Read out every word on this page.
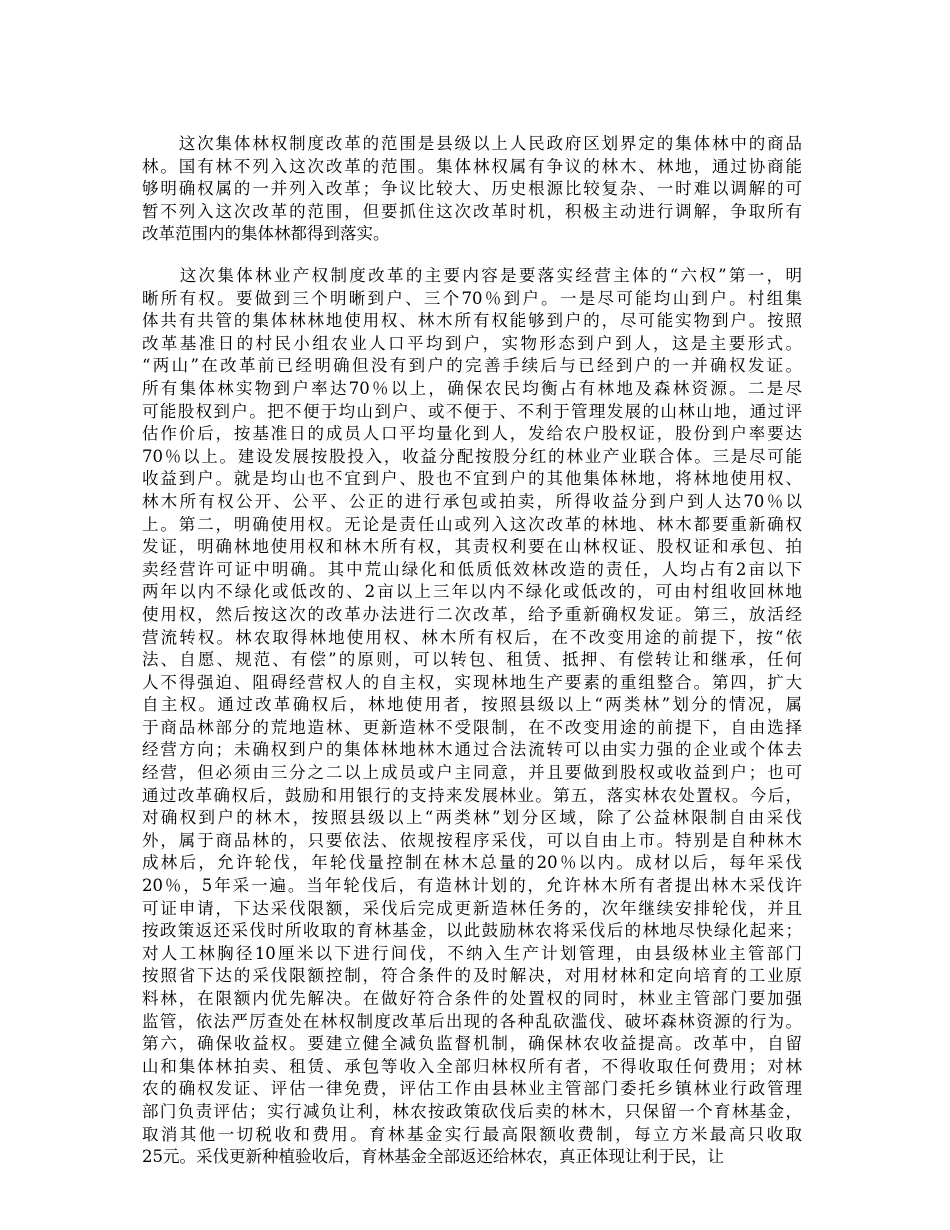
　　这次集体林权制度改革的范围是县级以上人民政府区划界定的集体林中的商品
林。国有林不列入这次改革的范围。集体林权属有争议的林木、林地，通过协商能
够明确权属的一并列入改革；争议比较大、历史根源比较复杂、一时难以调解的可
暂不列入这次改革的范围，但要抓住这次改革时机，积极主动进行调解，争取所有
改革范围内的集体林都得到落实。
　　这次集体林业产权制度改革的主要内容是要落实经营主体的“六权”第一，明
晰所有权。要做到三个明晰到户、三个70％到户。一是尽可能均山到户。村组集
体共有共管的集体林林地使用权、林木所有权能够到户的，尽可能实物到户。按照
改革基准日的村民小组农业人口平均到户，实物形态到户到人，这是主要形式。
“两山”在改革前已经明确但没有到户的完善手续后与已经到户的一并确权发证。
所有集体林实物到户率达70％以上，确保农民均衡占有林地及森林资源。二是尽
可能股权到户。把不便于均山到户、或不便于、不利于管理发展的山林山地，通过评
估作价后，按基准日的成员人口平均量化到人，发给农户股权证，股份到户率要达
70％以上。建设发展按股投入，收益分配按股分红的林业产业联合体。三是尽可能
收益到户。就是均山也不宜到户、股也不宜到户的其他集体林地，将林地使用权、
林木所有权公开、公平、公正的进行承包或拍卖，所得收益分到户到人达70％以
上。第二，明确使用权。无论是责任山或列入这次改革的林地、林木都要重新确权
发证，明确林地使用权和林木所有权，其责权利要在山林权证、股权证和承包、拍
卖经营许可证中明确。其中荒山绿化和低质低效林改造的责任，人均占有2亩以下
两年以内不绿化或低改的、2亩以上三年以内不绿化或低改的，可由村组收回林地
使用权，然后按这次的改革办法进行二次改革，给予重新确权发证。第三，放活经
营流转权。林农取得林地使用权、林木所有权后，在不改变用途的前提下，按“依
法、自愿、规范、有偿”的原则，可以转包、租赁、抵押、有偿转让和继承，任何
人不得强迫、阻碍经营权人的自主权，实现林地生产要素的重组整合。第四，扩大
自主权。通过改革确权后，林地使用者，按照县级以上“两类林”划分的情况，属
于商品林部分的荒地造林、更新造林不受限制，在不改变用途的前提下，自由选择
经营方向；未确权到户的集体林地林木通过合法流转可以由实力强的企业或个体去
经营，但必须由三分之二以上成员或户主同意，并且要做到股权或收益到户；也可
通过改革确权后，鼓励和用银行的支持来发展林业。第五，落实林农处置权。今后，
对确权到户的林木，按照县级以上“两类林”划分区域，除了公益林限制自由采伐
外，属于商品林的，只要依法、依规按程序采伐，可以自由上市。特别是自种林木
成林后，允许轮伐，年轮伐量控制在林木总量的20％以内。成材以后，每年采伐
20％，5年采一遍。当年轮伐后，有造林计划的，允许林木所有者提出林木采伐许
可证申请，下达采伐限额，采伐后完成更新造林任务的，次年继续安排轮伐，并且
按政策返还采伐时所收取的育林基金，以此鼓励林农将采伐后的林地尽快绿化起来；
对人工林胸径10厘米以下进行间伐，不纳入生产计划管理，由县级林业主管部门
按照省下达的采伐限额控制，符合条件的及时解决，对用材林和定向培育的工业原
料林，在限额内优先解决。在做好符合条件的处置权的同时，林业主管部门要加强
监管，依法严厉查处在林权制度改革后出现的各种乱砍滥伐、破坏森林资源的行为。
第六，确保收益权。要建立健全减负监督机制，确保林农收益提高。改革中，自留
山和集体林拍卖、租赁、承包等收入全部归林权所有者，不得收取任何费用；对林
农的确权发证、评估一律免费，评估工作由县林业主管部门委托乡镇林业行政管理
部门负责评估；实行减负让利，林农按政策砍伐后卖的林木，只保留一个育林基金，
取消其他一切税收和费用。育林基金实行最高限额收费制，每立方米最高只收取
25元。采伐更新种植验收后，育林基金全部返还给林农，真正体现让利于民，让
